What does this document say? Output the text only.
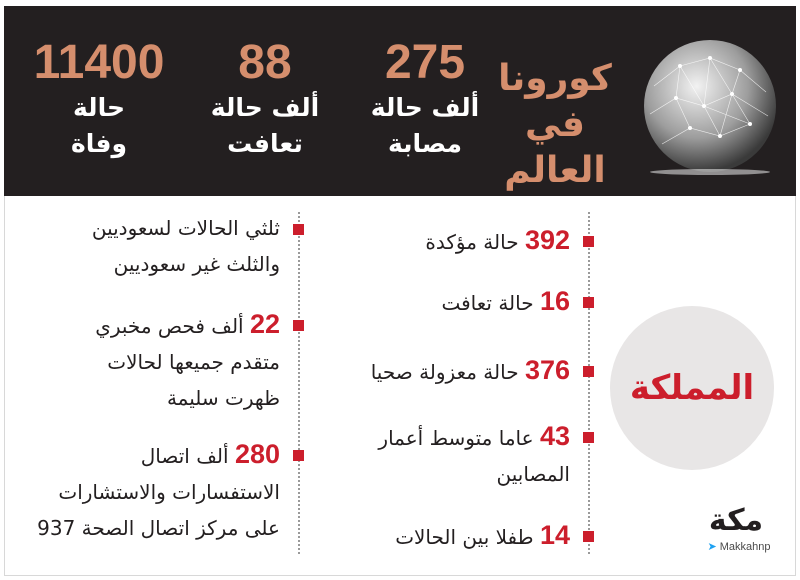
كورونا
في العالم
275
ألف حالة
مصابة
88
ألف حالة
تعافت
11400
حالة
وفاة
المملكة
392 حالة مؤكدة
16 حالة تعافت
376 حالة معزولة صحيا
43 عاما متوسط أعمار
المصابين
14 طفلا بين الحالات
ثلثي الحالات لسعوديين
والثلث غير سعوديين
22 ألف فحص مخبري
متقدم جميعها لحالات
ظهرت سليمة
280 ألف اتصال
الاستفسارات والاستشارات
على مركز اتصال الصحة 937	مكة
➤ Makkahnp
